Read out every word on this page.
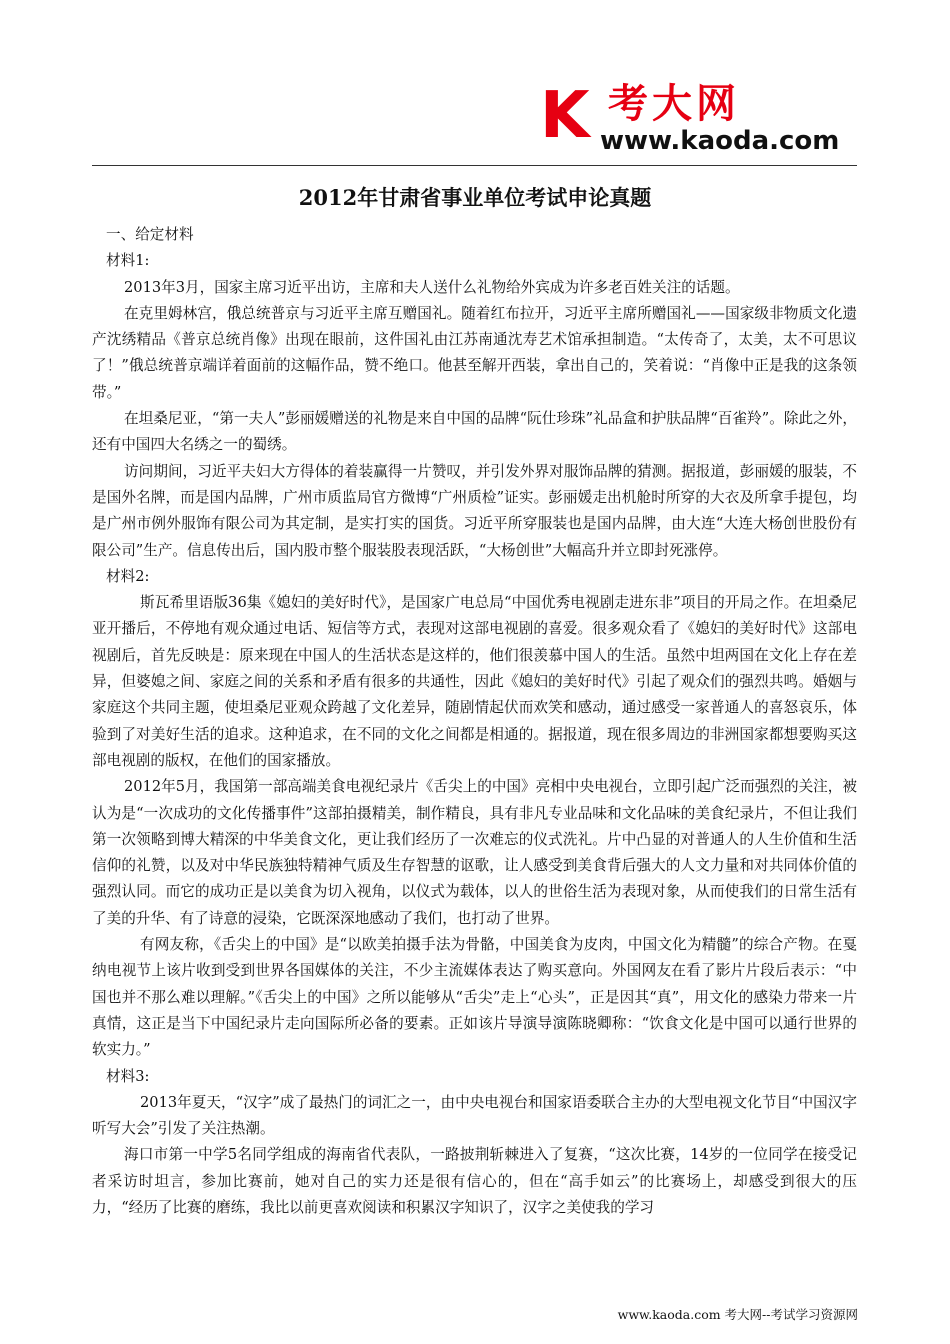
K 考大网
www.kaoda.com
2012年甘肃省事业单位考试申论真题

一、给定材料

材料1:

2013年3月，国家主席习近平出访，主席和夫人送什么礼物给外宾成为许多老百姓关注的话题。

在克里姆林宫，俄总统普京与习近平主席互赠国礼。随着红布拉开，习近平主席所赠国礼——国家级非物质文化遗产沈绣精品《普京总统肖像》出现在眼前，这件国礼由江苏南通沈寿艺术馆承担制造。“太传奇了，太美，太不可思议了！”俄总统普京端详着面前的这幅作品，赞不绝口。他甚至解开西装，拿出自己的，笑着说：“肖像中正是我的这条领带。”

在坦桑尼亚，“第一夫人”彭丽媛赠送的礼物是来自中国的品牌“阮仕珍珠”礼品盒和护肤品牌“百雀羚”。除此之外，还有中国四大名绣之一的蜀绣。

访问期间，习近平夫妇大方得体的着装赢得一片赞叹，并引发外界对服饰品牌的猜测。据报道，彭丽媛的服装，不是国外名牌，而是国内品牌，广州市质监局官方微博“广州质检”证实。彭丽媛走出机舱时所穿的大衣及所拿手提包，均是广州市例外服饰有限公司为其定制，是实打实的国货。习近平所穿服装也是国内品牌，由大连“大连大杨创世股份有限公司”生产。信息传出后，国内股市整个服装股表现活跃，“大杨创世”大幅高升并立即封死涨停。

材料2:

斯瓦希里语版36集《媳妇的美好时代》，是国家广电总局“中国优秀电视剧走进东非”项目的开局之作。在坦桑尼亚开播后，不停地有观众通过电话、短信等方式，表现对这部电视剧的喜爱。很多观众看了《媳妇的美好时代》这部电视剧后，首先反映是：原来现在中国人的生活状态是这样的，他们很羡慕中国人的生活。虽然中坦两国在文化上存在差异，但婆媳之间、家庭之间的关系和矛盾有很多的共通性，因此《媳妇的美好时代》引起了观众们的强烈共鸣。婚姻与家庭这个共同主题，使坦桑尼亚观众跨越了文化差异，随剧情起伏而欢笑和感动，通过感受一家普通人的喜怒哀乐，体验到了对美好生活的追求。这种追求，在不同的文化之间都是相通的。据报道，现在很多周边的非洲国家都想要购买这部电视剧的版权，在他们的国家播放。

2012年5月，我国第一部高端美食电视纪录片《舌尖上的中国》亮相中央电视台，立即引起广泛而强烈的关注，被认为是“一次成功的文化传播事件”这部拍摄精美，制作精良，具有非凡专业品味和文化品味的美食纪录片，不但让我们第一次领略到博大精深的中华美食文化，更让我们经历了一次难忘的仪式洗礼。片中凸显的对普通人的人生价值和生活信仰的礼赞，以及对中华民族独特精神气质及生存智慧的讴歌，让人感受到美食背后强大的人文力量和对共同体价值的强烈认同。而它的成功正是以美食为切入视角，以仪式为载体，以人的世俗生活为表现对象，从而使我们的日常生活有了美的升华、有了诗意的浸染，它既深深地感动了我们，也打动了世界。

有网友称，《舌尖上的中国》是“以欧美拍摄手法为骨骼，中国美食为皮肉，中国文化为精髓”的综合产物。在戛纳电视节上该片收到受到世界各国媒体的关注，不少主流媒体表达了购买意向。外国网友在看了影片片段后表示：“中国也并不那么难以理解。”《舌尖上的中国》之所以能够从“舌尖”走上“心头”，正是因其“真”，用文化的感染力带来一片真情，这正是当下中国纪录片走向国际所必备的要素。正如该片导演导演陈晓卿称：“饮食文化是中国可以通行世界的软实力。”

材料3:

2013年夏天，“汉字”成了最热门的词汇之一，由中央电视台和国家语委联合主办的大型电视文化节目“中国汉字听写大会”引发了关注热潮。

海口市第一中学5名同学组成的海南省代表队，一路披荆斩棘进入了复赛，“这次比赛，14岁的一位同学在接受记者采访时坦言，参加比赛前，她对自己的实力还是很有信心的，但在“高手如云”的比赛场上，却感受到很大的压力，“经历了比赛的磨练，我比以前更喜欢阅读和积累汉字知识了，汉字之美使我的学习

www.kaoda.com 考大网--考试学习资源网
